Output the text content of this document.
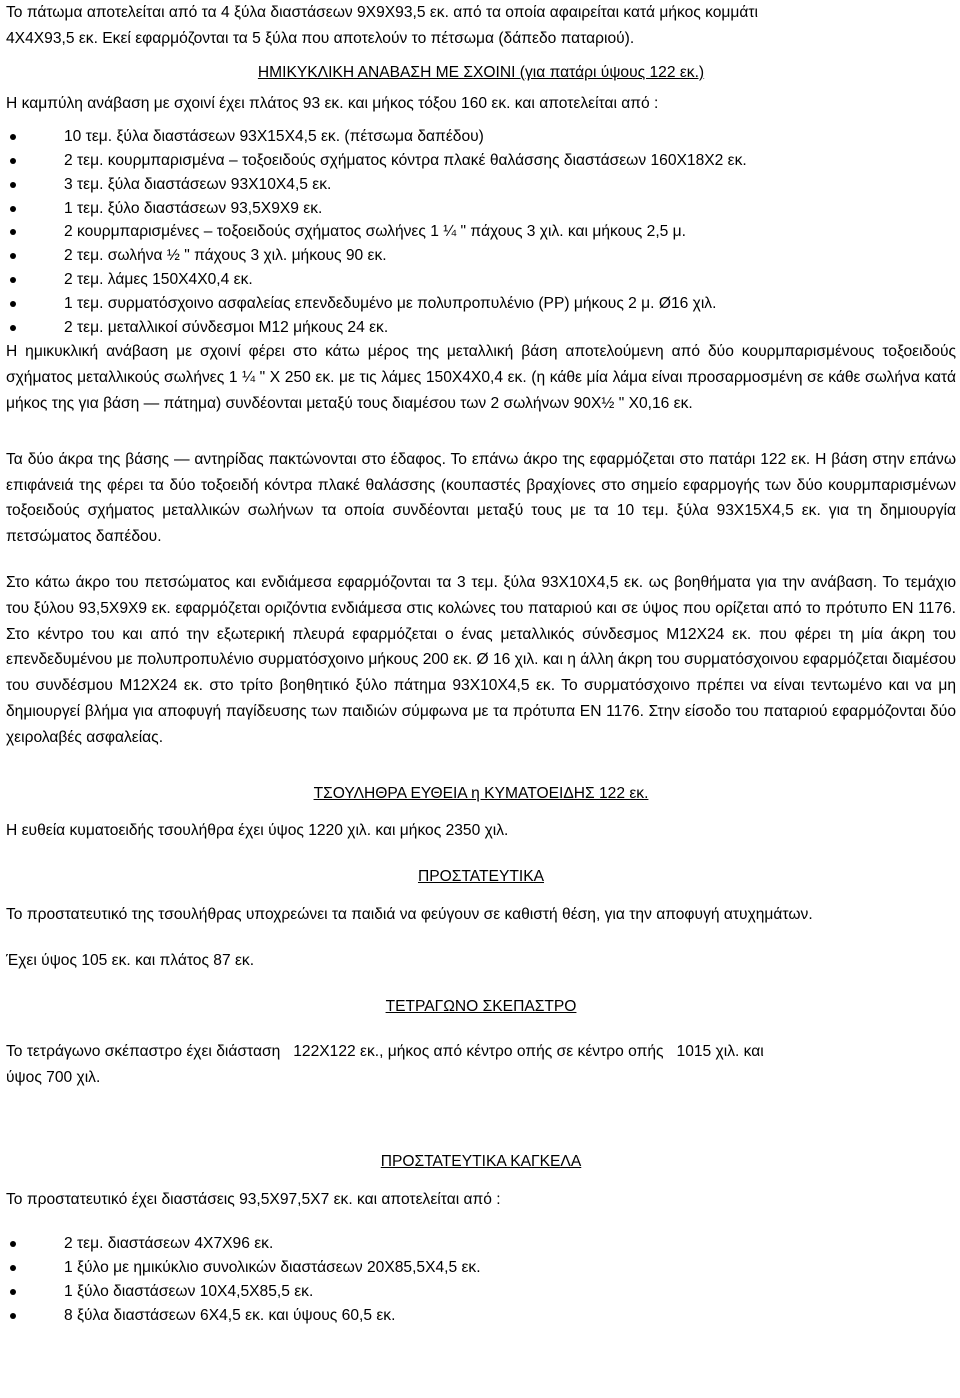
Το πάτωμα αποτελείται από τα 4 ξύλα διαστάσεων 9Χ9Χ93,5 εκ. από τα οποία αφαιρείται κατά μήκος κομμάτι

4Χ4Χ93,5 εκ. Εκεί εφαρμόζονται τα 5 ξύλα που αποτελούν το πέτσωμα (δάπεδο παταριού).

ΗΜΙΚΥΚΛΙΚΗ ΑΝΑΒΑΣΗ ΜΕ ΣΧΟΙΝΙ (για πατάρι ύψους 122 εκ.)

Η καμπύλη ανάβαση με σχοινί έχει πλάτος 93 εκ. και μήκος τόξου 160 εκ. και αποτελείται από :

10 τεμ. ξύλα διαστάσεων 93Χ15Χ4,5 εκ. (πέτσωμα δαπέδου)
2 τεμ. κουρμπαρισμένα – τοξοειδούς σχήματος κόντρα πλακέ θαλάσσης διαστάσεων 160Χ18Χ2 εκ.
3 τεμ. ξύλα διαστάσεων 93Χ10Χ4,5 εκ.
1 τεμ. ξύλο διαστάσεων 93,5Χ9Χ9 εκ.
2 κουρμπαρισμένες – τοξοειδούς σχήματος σωλήνες 1 ¼ " πάχους 3 χιλ. και μήκους 2,5 μ.
2 τεμ. σωλήνα ½ " πάχους 3 χιλ. μήκους 90 εκ.
2 τεμ. λάμες 150Χ4Χ0,4 εκ.
1 τεμ. συρματόσχοινο ασφαλείας επενδεδυμένο με πολυπροπυλένιο (PP) μήκους 2 μ. Ø16 χιλ.
2 τεμ. μεταλλικοί σύνδεσμοι Μ12 μήκους 24 εκ.

Η ημικυκλική ανάβαση με σχοινί φέρει στο κάτω μέρος της μεταλλική βάση αποτελούμενη από δύο κουρμπαρισμένους τοξοειδούς σχήματος μεταλλικούς σωλήνες 1 ¼ " Χ 250 εκ. με τις λάμες 150Χ4Χ0,4 εκ. (η κάθε μία λάμα είναι προσαρμοσμένη σε κάθε σωλήνα κατά μήκος της για βάση — πάτημα) συνδέονται μεταξύ τους διαμέσου των 2 σωλήνων 90Χ½ " Χ0,16 εκ.

Τα δύο άκρα της βάσης — αντηρίδας πακτώνονται στο έδαφος. Το επάνω άκρο της εφαρμόζεται στο πατάρι 122 εκ. Η βάση στην επάνω επιφάνειά της φέρει τα δύο τοξοειδή κόντρα πλακέ θαλάσσης (κουπαστές βραχίονες στο σημείο εφαρμογής των δύο κουρμπαρισμένων τοξοειδούς σχήματος μεταλλικών σωλήνων τα οποία συνδέονται μεταξύ τους με τα 10 τεμ. ξύλα 93Χ15Χ4,5 εκ. για τη δημιουργία πετσώματος δαπέδου.

Στο κάτω άκρο του πετσώματος και ενδιάμεσα εφαρμόζονται τα 3 τεμ. ξύλα 93Χ10Χ4,5 εκ. ως βοηθήματα για την ανάβαση. Το τεμάχιο του ξύλου 93,5Χ9Χ9 εκ. εφαρμόζεται οριζόντια ενδιάμεσα στις κολώνες του παταριού και σε ύψος που ορίζεται από το πρότυπο ΕΝ 1176. Στο κέντρο του και από την εξωτερική πλευρά εφαρμόζεται ο ένας μεταλλικός σύνδεσμος Μ12Χ24 εκ. που φέρει τη μία άκρη του επενδεδυμένου με πολυπροπυλένιο συρματόσχοινο μήκους 200 εκ. Ø 16 χιλ. και η άλλη άκρη του συρματόσχοινου εφαρμόζεται διαμέσου του συνδέσμου Μ12Χ24 εκ. στο τρίτο βοηθητικό ξύλο πάτημα 93Χ10Χ4,5 εκ. Το συρματόσχοινο πρέπει να είναι τεντωμένο και να μη δημιουργεί βλήμα για αποφυγή παγίδευσης των παιδιών σύμφωνα με τα πρότυπα ΕΝ 1176. Στην είσοδο του παταριού εφαρμόζονται δύο χειρολαβές ασφαλείας.

ΤΣΟΥΛΗΘΡΑ ΕΥΘΕΙΑ η ΚΥΜΑΤΟΕΙΔΗΣ 122 εκ.

Η ευθεία κυματοειδής τσουλήθρα έχει ύψος 1220 χιλ. και μήκος 2350 χιλ.

ΠΡΟΣΤΑΤΕΥΤΙΚΑ

Το προστατευτικό της τσουλήθρας υποχρεώνει τα παιδιά να φεύγουν σε καθιστή θέση, για την αποφυγή ατυχημάτων.

Έχει ύψος 105 εκ. και πλάτος 87 εκ.

ΤΕΤΡΑΓΩΝΟ ΣΚΕΠΑΣΤΡΟ

Το τετράγωνο σκέπαστρο έχει διάσταση   122Χ122 εκ., μήκος από κέντρο οπής σε κέντρο οπής   1015 χιλ. και

ύψος 700 χιλ.

ΠΡΟΣΤΑΤΕΥΤΙΚΑ ΚΑΓΚΕΛΑ

Το προστατευτικό έχει διαστάσεις 93,5Χ97,5Χ7 εκ. και αποτελείται από :

2 τεμ. διαστάσεων 4Χ7Χ96 εκ.
1 ξύλο με ημικύκλιο συνολικών διαστάσεων 20Χ85,5Χ4,5 εκ.
1 ξύλο διαστάσεων 10Χ4,5Χ85,5 εκ.
8 ξύλα διαστάσεων 6Χ4,5 εκ. και ύψους 60,5 εκ.
